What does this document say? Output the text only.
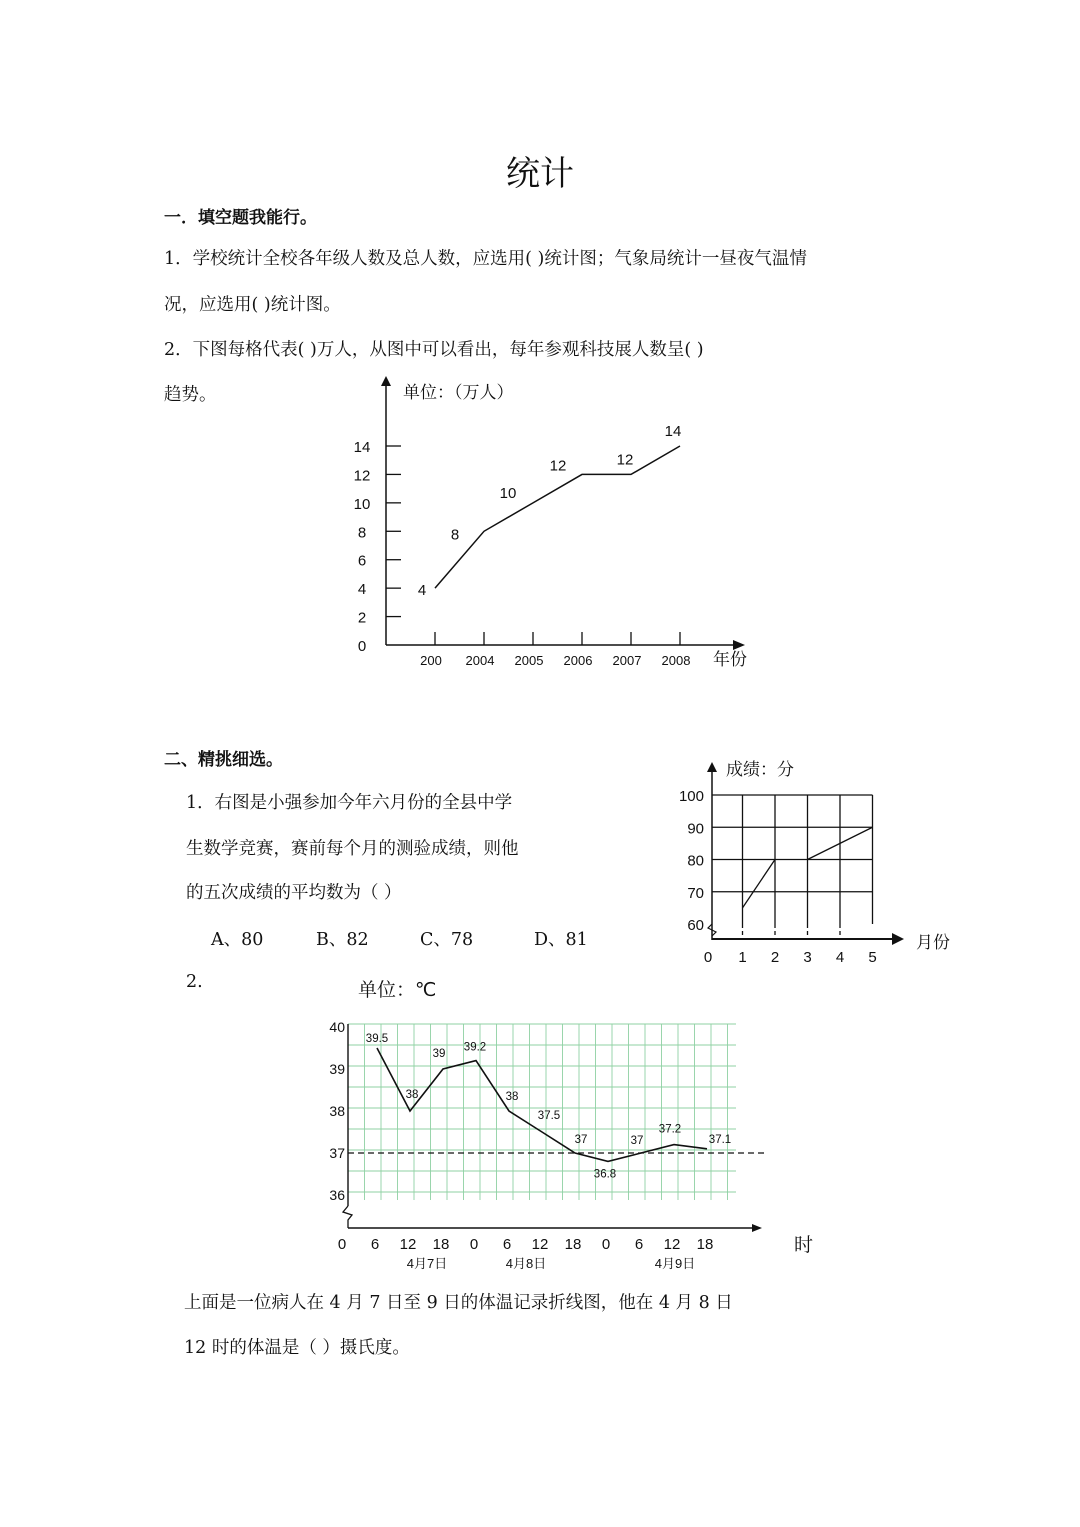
统计
一．填空题我能行。
1．学校统计全校各年级人数及总人数，应选用( )统计图；气象局统计一昼夜气温情
况，应选用( )统计图。
2．下图每格代表( )万人，从图中可以看出，每年参观科技展人数呈( )
趋势。	单位：（万人）
年份
0
2
4
6
8
10
12
14
200 2004 2005 2006 2007 2008
4
8
10
12	12
14
二、精挑细选。
1．右图是小强参加今年六月份的全县中学
生数学竞赛，赛前每个月的测验成绩，则他
的五次成绩的平均数为（ ）
A、80	B、82	C、78	D、81
2.
上面是一位病人在 4 月 7 日至 9 日的体温记录折线图，他在 4 月 8 日
12 时的体温是（ ）摄氏度。
成绩：分
月份
60
70
80
90
100
0 1 2 3 4 5
单位：℃
时
36
37
38
39
40
0 6 12 18 0 6 12 18 0 6 12 18
4月7日	4月8日	4月9日
39.5
38
39
39.2
38
37.5
37
36.8
37
37.2
37.1
